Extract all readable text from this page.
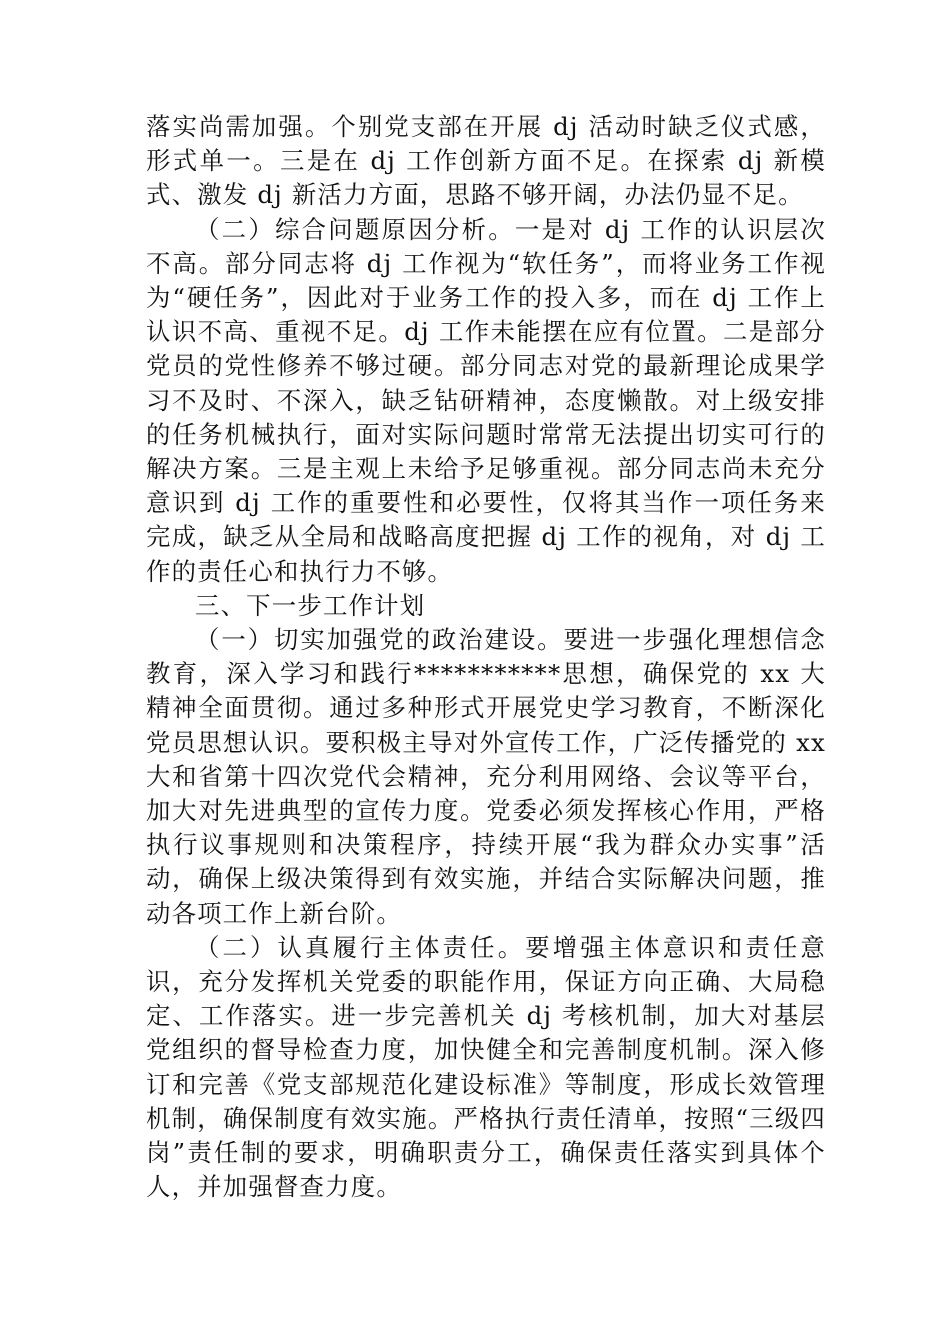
落实尚需加强。个别党支部在开展 dj 活动时缺乏仪式感，形式单一。三是在 dj 工作创新方面不足。在探索 dj 新模式、激发 dj 新活力方面，思路不够开阔，办法仍显不足。

（二）综合问题原因分析。一是对 dj 工作的认识层次不高。部分同志将 dj 工作视为“软任务”，而将业务工作视为“硬任务”，因此对于业务工作的投入多，而在 dj 工作上认识不高、重视不足。dj 工作未能摆在应有位置。二是部分党员的党性修养不够过硬。部分同志对党的最新理论成果学习不及时、不深入，缺乏钻研精神，态度懒散。对上级安排的任务机械执行，面对实际问题时常常无法提出切实可行的解决方案。三是主观上未给予足够重视。部分同志尚未充分意识到 dj 工作的重要性和必要性，仅将其当作一项任务来完成，缺乏从全局和战略高度把握 dj 工作的视角，对 dj 工作的责任心和执行力不够。

三、下一步工作计划

（一）切实加强党的政治建设。要进一步强化理想信念教育，深入学习和践行***********思想，确保党的 xx 大精神全面贯彻。通过多种形式开展党史学习教育，不断深化党员思想认识。要积极主导对外宣传工作，广泛传播党的 xx 大和省第十四次党代会精神，充分利用网络、会议等平台，加大对先进典型的宣传力度。党委必须发挥核心作用，严格执行议事规则和决策程序，持续开展“我为群众办实事”活动，确保上级决策得到有效实施，并结合实际解决问题，推动各项工作上新台阶。

（二）认真履行主体责任。要增强主体意识和责任意识，充分发挥机关党委的职能作用，保证方向正确、大局稳定、工作落实。进一步完善机关 dj 考核机制，加大对基层党组织的督导检查力度，加快健全和完善制度机制。深入修订和完善《党支部规范化建设标准》等制度，形成长效管理机制，确保制度有效实施。严格执行责任清单，按照“三级四岗”责任制的要求，明确职责分工，确保责任落实到具体个人，并加强督查力度。
